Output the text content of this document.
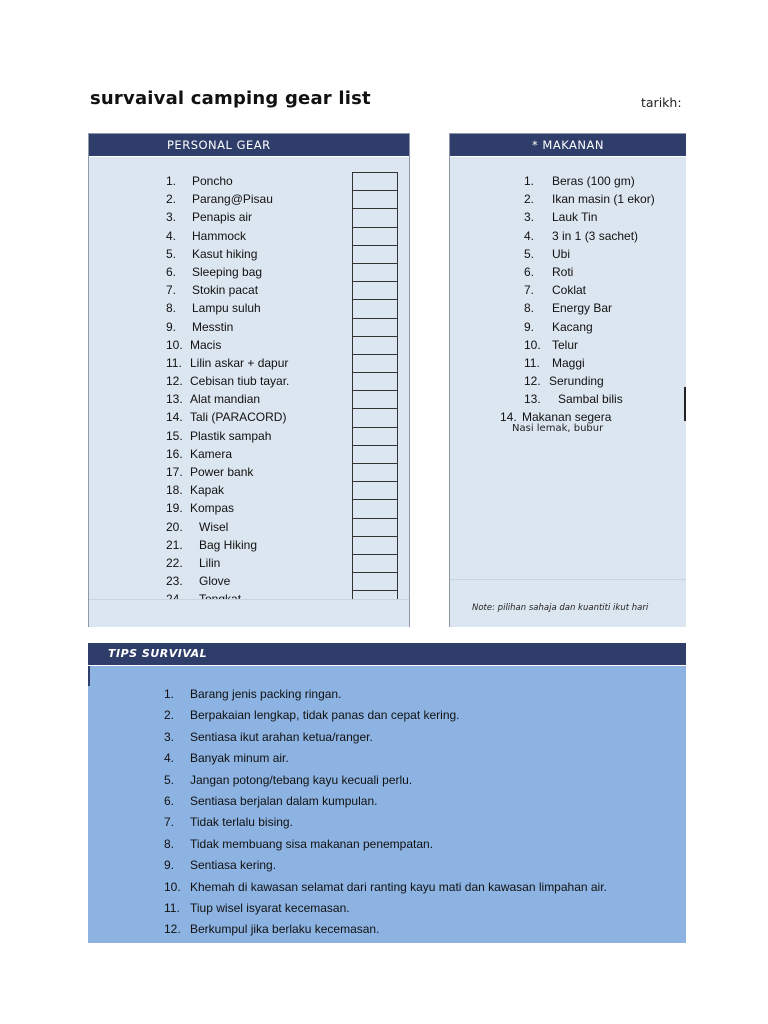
survaival camping gear list	tarikh:
PERSONAL GEAR
1. Poncho
2. Parang@Pisau
3. Penapis air
4. Hammock
5. Kasut hiking
6. Sleeping bag
7. Stokin pacat
8. Lampu suluh
9. Messtin
10. Macis
11. Lilin askar + dapur
12. Cebisan tiub tayar.
13. Alat mandian
14. Tali (PARACORD)
15. Plastik sampah
16. Kamera
17. Power bank
18. Kapak
19. Kompas
20. Wisel
21. Bag Hiking
22. Lilin
23. Glove
* MAKANAN
1. Beras (100 gm)
2. Ikan masin (1 ekor)
3. Lauk Tin
4. 3 in 1 (3 sachet)
5. Ubi
6. Roti
7. Coklat
8. Energy Bar
9. Kacang
10. Telur
11. Maggi
12. Serunding
13. Sambal bilis
14. Makanan segera
Nasi lemak, bubur
Note: pilihan sahaja dan kuantiti ikut hari
TIPS SURVIVAL
1. Barang jenis packing ringan.
2. Berpakaian lengkap, tidak panas dan cepat kering.
3. Sentiasa ikut arahan ketua/ranger.
4. Banyak minum air.
5. Jangan potong/tebang kayu kecuali perlu.
6. Sentiasa berjalan dalam kumpulan.
7. Tidak terlalu bising.
8. Tidak membuang sisa makanan penempatan.
9. Sentiasa kering.
10. Khemah di kawasan selamat dari ranting kayu mati dan kawasan limpahan air.
11. Tiup wisel isyarat kecemasan.
12. Berkumpul jika berlaku kecemasan.
